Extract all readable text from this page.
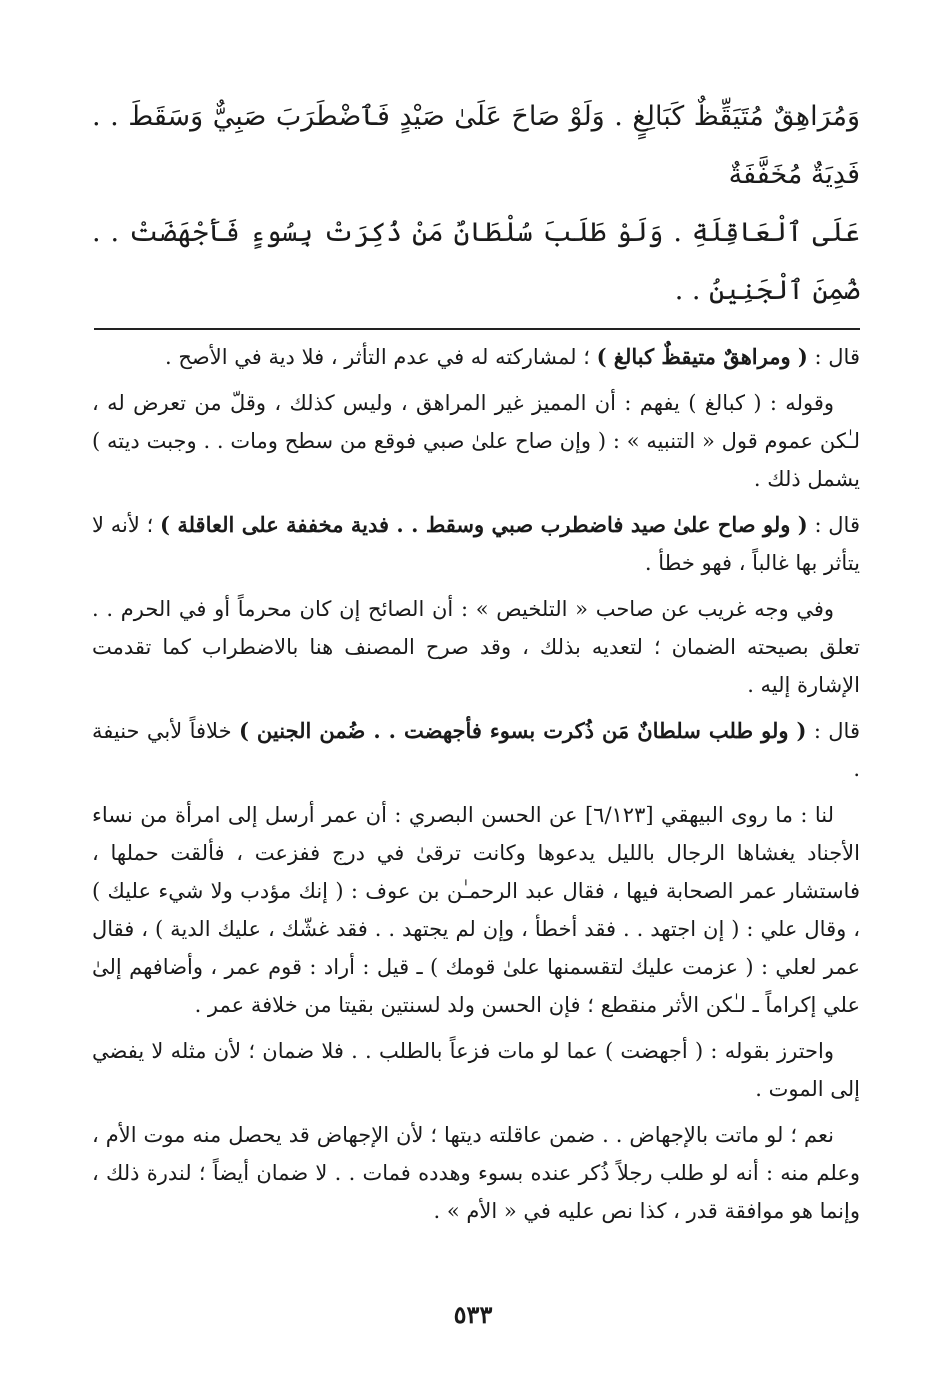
وَمُرَاهِقٌ مُتَيَقِّظٌ كَبَالِغٍ . وَلَوْ صَاحَ عَلَىٰ صَيْدٍ فَٱضْطَرَبَ صَبِيٌّ وَسَقَطَ . . فَدِيَةٌ مُخَفَّفَةٌ

عَلَى ٱلْعَاقِلَةِ . وَلَوْ طَلَبَ سُلْطَانٌ مَنْ ذُكِرَتْ بِسُوءٍ فَأَجْهَضَتْ . . ضُمِنَ ٱلْجَنِينُ . .

قال : ( ومراهقٌ متيقظٌ كبالغ ) ؛ لمشاركته له في عدم التأثر ، فلا دية في الأصح .

وقوله : ( كبالغ ) يفهم : أن المميز غير المراهق ، وليس كذلك ، وقلّ من تعرض له ، لـٰكن عموم قول « التنبيه » : ( وإن صاح علىٰ صبي فوقع من سطح ومات . . وجبت ديته ) يشمل ذلك .

قال : ( ولو صاح علىٰ صيد فاضطرب صبي وسقط . . فدية مخففة على العاقلة ) ؛ لأنه لا يتأثر بها غالباً ، فهو خطأ .

وفي وجه غريب عن صاحب « التلخيص » : أن الصائح إن كان محرماً أو في الحرم . . تعلق بصيحته الضمان ؛ لتعديه بذلك ، وقد صرح المصنف هنا بالاضطراب كما تقدمت الإشارة إليه .

قال : ( ولو طلب سلطانٌ مَن ذُكرت بسوء فأجهضت . . ضُمن الجنين ) خلافاً لأبي حنيفة .

لنا : ما روى البيهقي [٦/١٢٣] عن الحسن البصري : أن عمر أرسل إلى امرأة من نساء الأجناد يغشاها الرجال بالليل يدعوها وكانت ترقىٰ في درج ففزعت ، فألقت حملها ، فاستشار عمر الصحابة فيها ، فقال عبد الرحمـٰن بن عوف : ( إنك مؤدب ولا شيء عليك ) ، وقال علي : ( إن اجتهد . . فقد أخطأ ، وإن لم يجتهد . . فقد غشّك ، عليك الدية ) ، فقال عمر لعلي : ( عزمت عليك لتقسمنها علىٰ قومك ) ـ قيل : أراد : قوم عمر ، وأضافهم إلىٰ علي إكراماً ـ لـٰكن الأثر منقطع ؛ فإن الحسن ولد لسنتين بقيتا من خلافة عمر .

واحترز بقوله : ( أجهضت ) عما لو مات فزعاً بالطلب . . فلا ضمان ؛ لأن مثله لا يفضي إلى الموت .

نعم ؛ لو ماتت بالإجهاض . . ضمن عاقلته ديتها ؛ لأن الإجهاض قد يحصل منه موت الأم ، وعلم منه : أنه لو طلب رجلاً ذُكر عنده بسوء وهدده فمات . . لا ضمان أيضاً ؛ لندرة ذلك ، وإنما هو موافقة قدر ، كذا نص عليه في « الأم » .

٥٣٣
